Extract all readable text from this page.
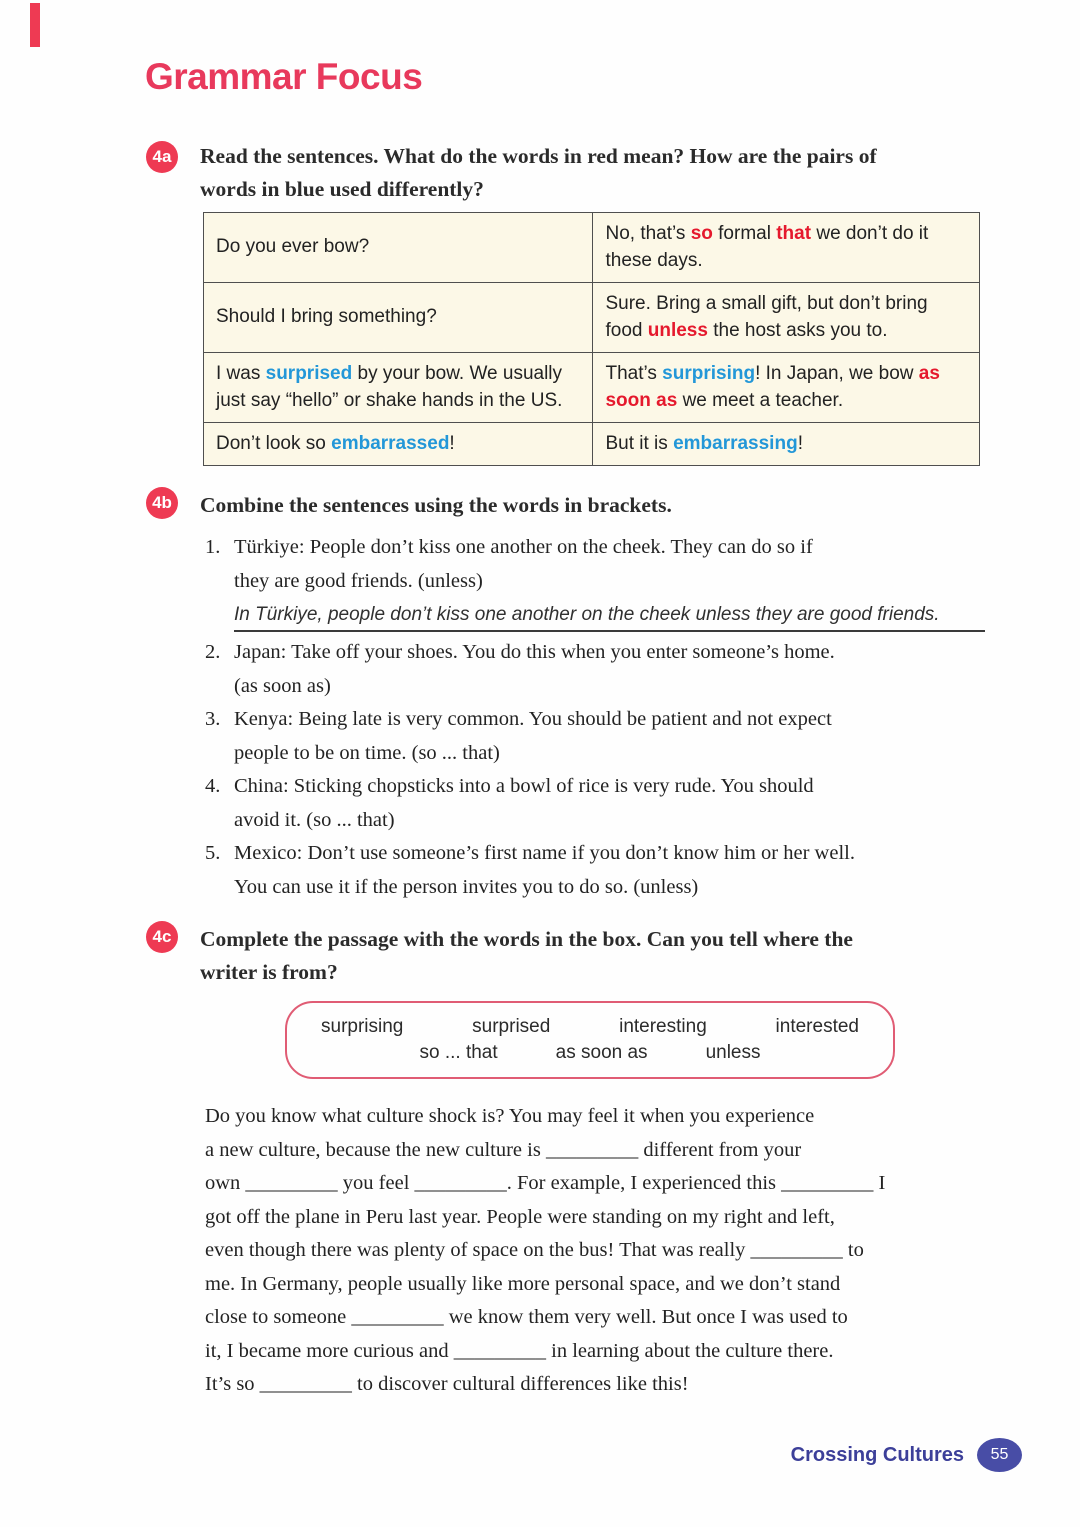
Grammar Focus
4a	Read the sentences. What do the words in red mean? How are the pairs of
words in blue used differently?
Do you ever bow?	No, that’s so formal that we don’t do it these days.
Should I bring something?	Sure. Bring a small gift, but don’t bring food unless the host asks you to.
I was surprised by your bow. We usually just say “hello” or shake hands in the US.	That’s surprising! In Japan, we bow as soon as we meet a teacher.
Don’t look so embarrassed!	But it is embarrassing!
4b Combine the sentences using the words in brackets.
1. Türkiye: People don’t kiss one another on the cheek. They can do so if
they are good friends. (unless)
In Türkiye, people don’t kiss one another on the cheek unless they are good friends.
2. Japan: Take off your shoes. You do this when you enter someone’s home.
(as soon as)
3. Kenya: Being late is very common. You should be patient and not expect
people to be on time. (so ... that)
4. China: Sticking chopsticks into a bowl of rice is very rude. You should
avoid it. (so ... that)
5. Mexico: Don’t use someone’s first name if you don’t know him or her well.
You can use it if the person invites you to do so. (unless)
4c	Complete the passage with the words in the box. Can you tell where the
writer is from?
surprising	surprised	interesting	interested
so ... that	as soon as	unless
Do you know what culture shock is? You may feel it when you experience
a new culture, because the new culture is _________ different from your
own _________ you feel _________. For example, I experienced this _________ I
got off the plane in Peru last year. People were standing on my right and left,
even though there was plenty of space on the bus! That was really _________ to
me. In Germany, people usually like more personal space, and we don’t stand
close to someone _________ we know them very well. But once I was used to
it, I became more curious and _________ in learning about the culture there.
It’s so _________ to discover cultural differences like this!
Crossing Cultures	55
